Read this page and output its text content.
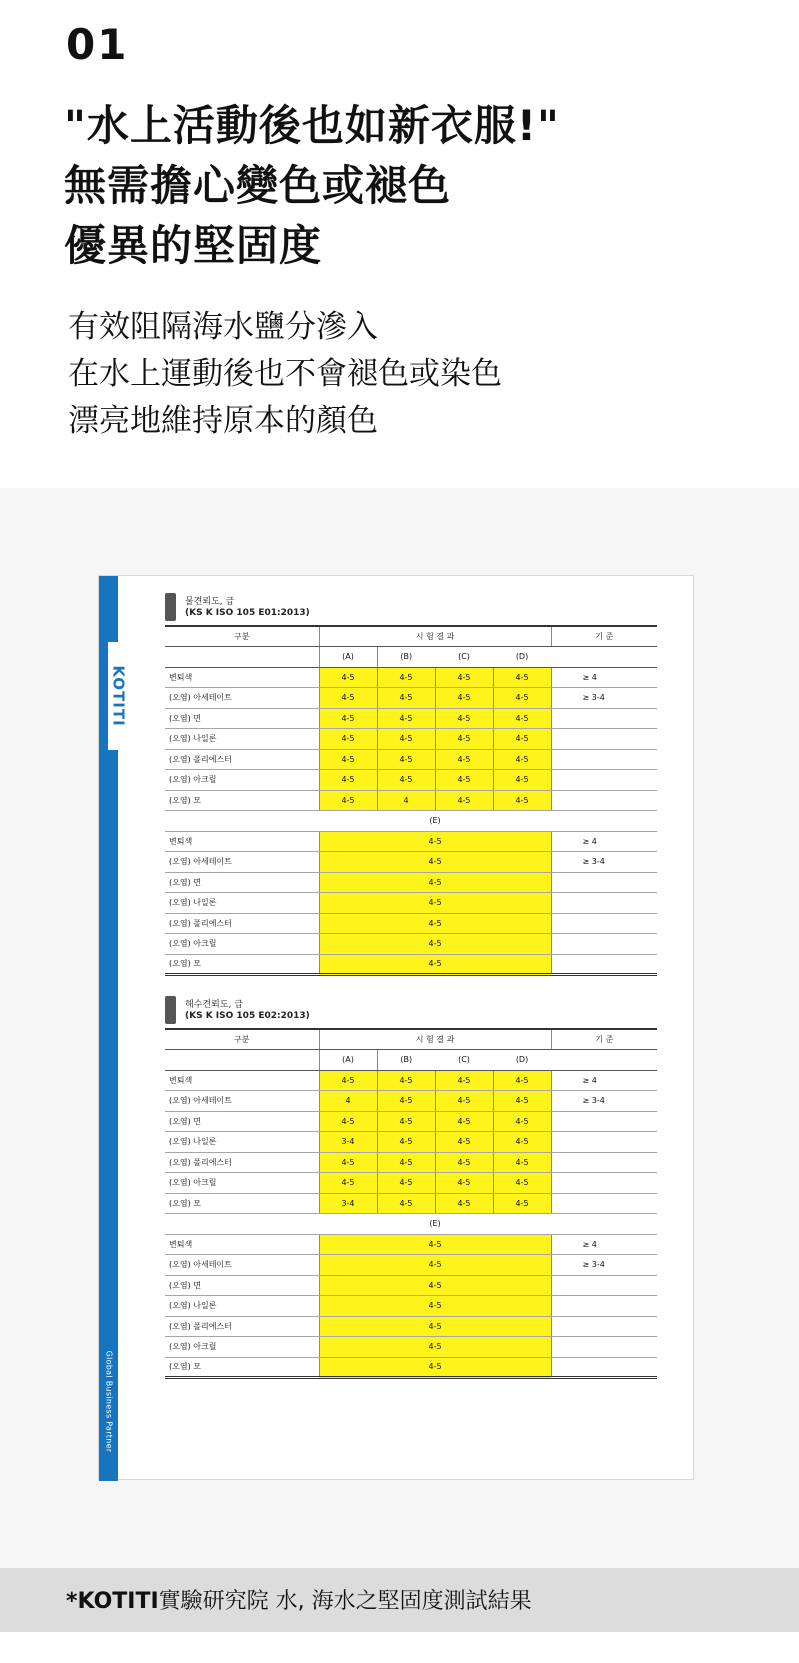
01
"水上活動後也如新衣服!"
無需擔心變色或褪色
優異的堅固度
有效阻隔海水鹽分滲入
在水上運動後也不會褪色或染色
漂亮地維持原本的顏色
KOTITI
Global Business Partner
물견뢰도, 급
(KS K ISO 105 E01:2013)
구분	시 험 결 과				기 준
	(A)	(B)	(C)	(D)	
변퇴색	4-5	4-5	4-5	4-5	≥ 4
(오염) 아세테이트	4-5	4-5	4-5	4-5	≥ 3-4
(오염) 면	4-5	4-5	4-5	4-5	
(오염) 나일론	4-5	4-5	4-5	4-5	
(오염) 폴리에스터	4-5	4-5	4-5	4-5	
(오염) 아크릴	4-5	4-5	4-5	4-5	
(오염) 모	4-5	4	4-5	4-5	
	(E)				
변퇴색	4-5				≥ 4
(오염) 아세테이트	4-5				≥ 3-4
(오염) 면	4-5				
(오염) 나일론	4-5				
(오염) 폴리에스터	4-5				
(오염) 아크릴	4-5				
(오염) 모	4-5				
해수견뢰도, 급
(KS K ISO 105 E02:2013)
구분	시 험 결 과				기 준
	(A)	(B)	(C)	(D)	
변퇴색	4-5	4-5	4-5	4-5	≥ 4
(오염) 아세테이트	4	4-5	4-5	4-5	≥ 3-4
(오염) 면	4-5	4-5	4-5	4-5	
(오염) 나일론	3-4	4-5	4-5	4-5	
(오염) 폴리에스터	4-5	4-5	4-5	4-5	
(오염) 아크릴	4-5	4-5	4-5	4-5	
(오염) 모	3-4	4-5	4-5	4-5	
	(E)				
변퇴색	4-5				≥ 4
(오염) 아세테이트	4-5				≥ 3-4
(오염) 면	4-5				
(오염) 나일론	4-5				
(오염) 폴리에스터	4-5				
(오염) 아크릴	4-5				
(오염) 모	4-5				
*KOTITI實驗研究院 水, 海水之堅固度測試結果
